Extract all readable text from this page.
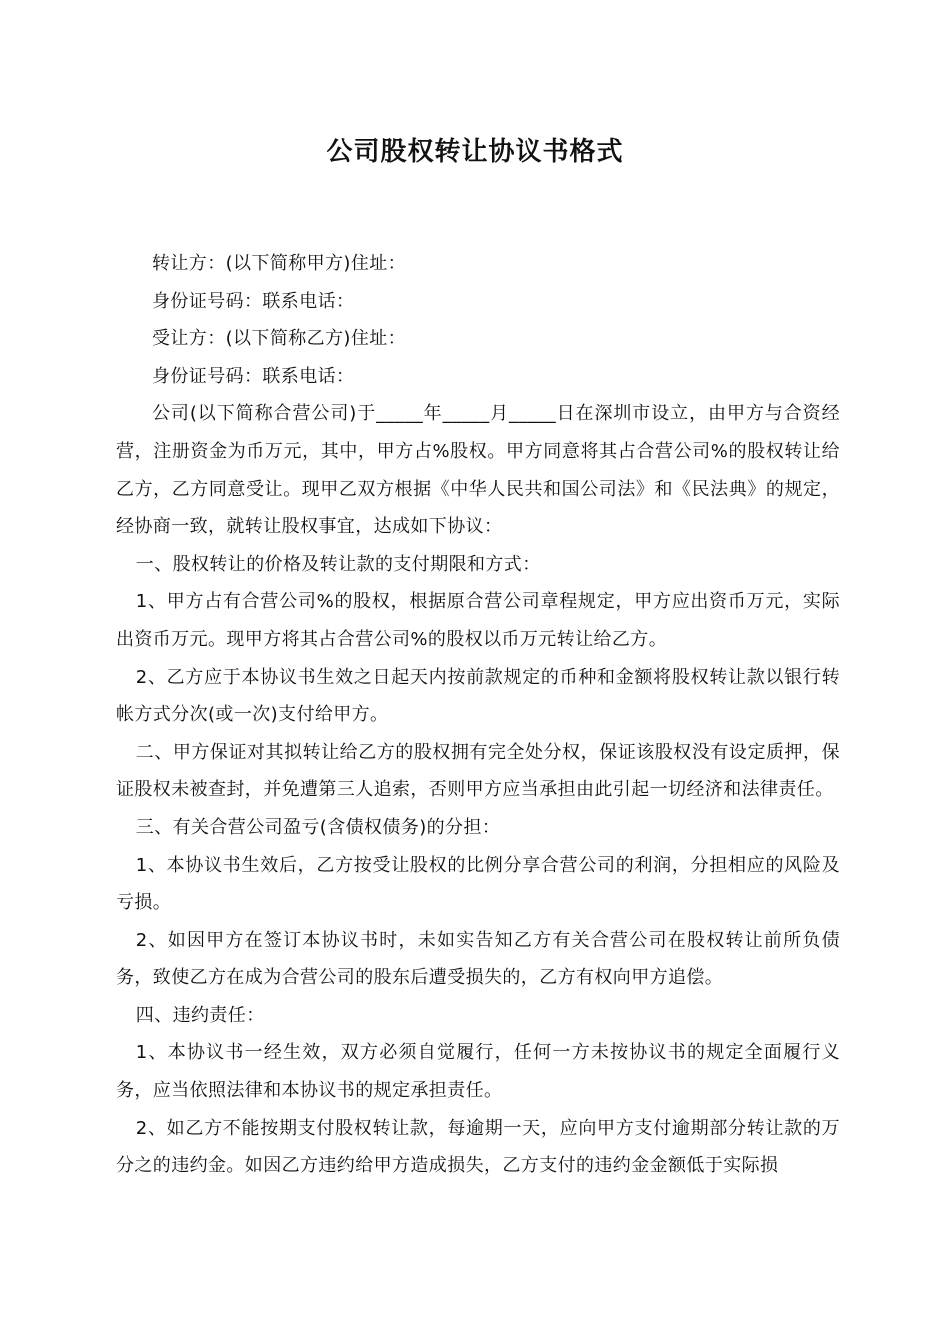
公司股权转让协议书格式

转让方：(以下简称甲方)住址：

身份证号码：联系电话：

受让方：(以下简称乙方)住址：

身份证号码：联系电话：

公司(以下简称合营公司)于_____年_____月_____日在深圳市设立，由甲方与合资经营，注册资金为币万元，其中，甲方占%股权。甲方同意将其占合营公司%的股权转让给乙方，乙方同意受让。现甲乙双方根据《中华人民共和国公司法》和《民法典》的规定，经协商一致，就转让股权事宜，达成如下协议：

一、股权转让的价格及转让款的支付期限和方式：

1、甲方占有合营公司%的股权，根据原合营公司章程规定，甲方应出资币万元，实际出资币万元。现甲方将其占合营公司%的股权以币万元转让给乙方。

2、乙方应于本协议书生效之日起天内按前款规定的币种和金额将股权转让款以银行转帐方式分次(或一次)支付给甲方。

二、甲方保证对其拟转让给乙方的股权拥有完全处分权，保证该股权没有设定质押，保证股权未被查封，并免遭第三人追索，否则甲方应当承担由此引起一切经济和法律责任。

三、有关合营公司盈亏(含债权债务)的分担：

1、本协议书生效后，乙方按受让股权的比例分享合营公司的利润，分担相应的风险及亏损。

2、如因甲方在签订本协议书时，未如实告知乙方有关合营公司在股权转让前所负债务，致使乙方在成为合营公司的股东后遭受损失的，乙方有权向甲方追偿。

四、违约责任：

1、本协议书一经生效，双方必须自觉履行，任何一方未按协议书的规定全面履行义务，应当依照法律和本协议书的规定承担责任。

2、如乙方不能按期支付股权转让款，每逾期一天，应向甲方支付逾期部分转让款的万分之的违约金。如因乙方违约给甲方造成损失，乙方支付的违约金金额低于实际损
